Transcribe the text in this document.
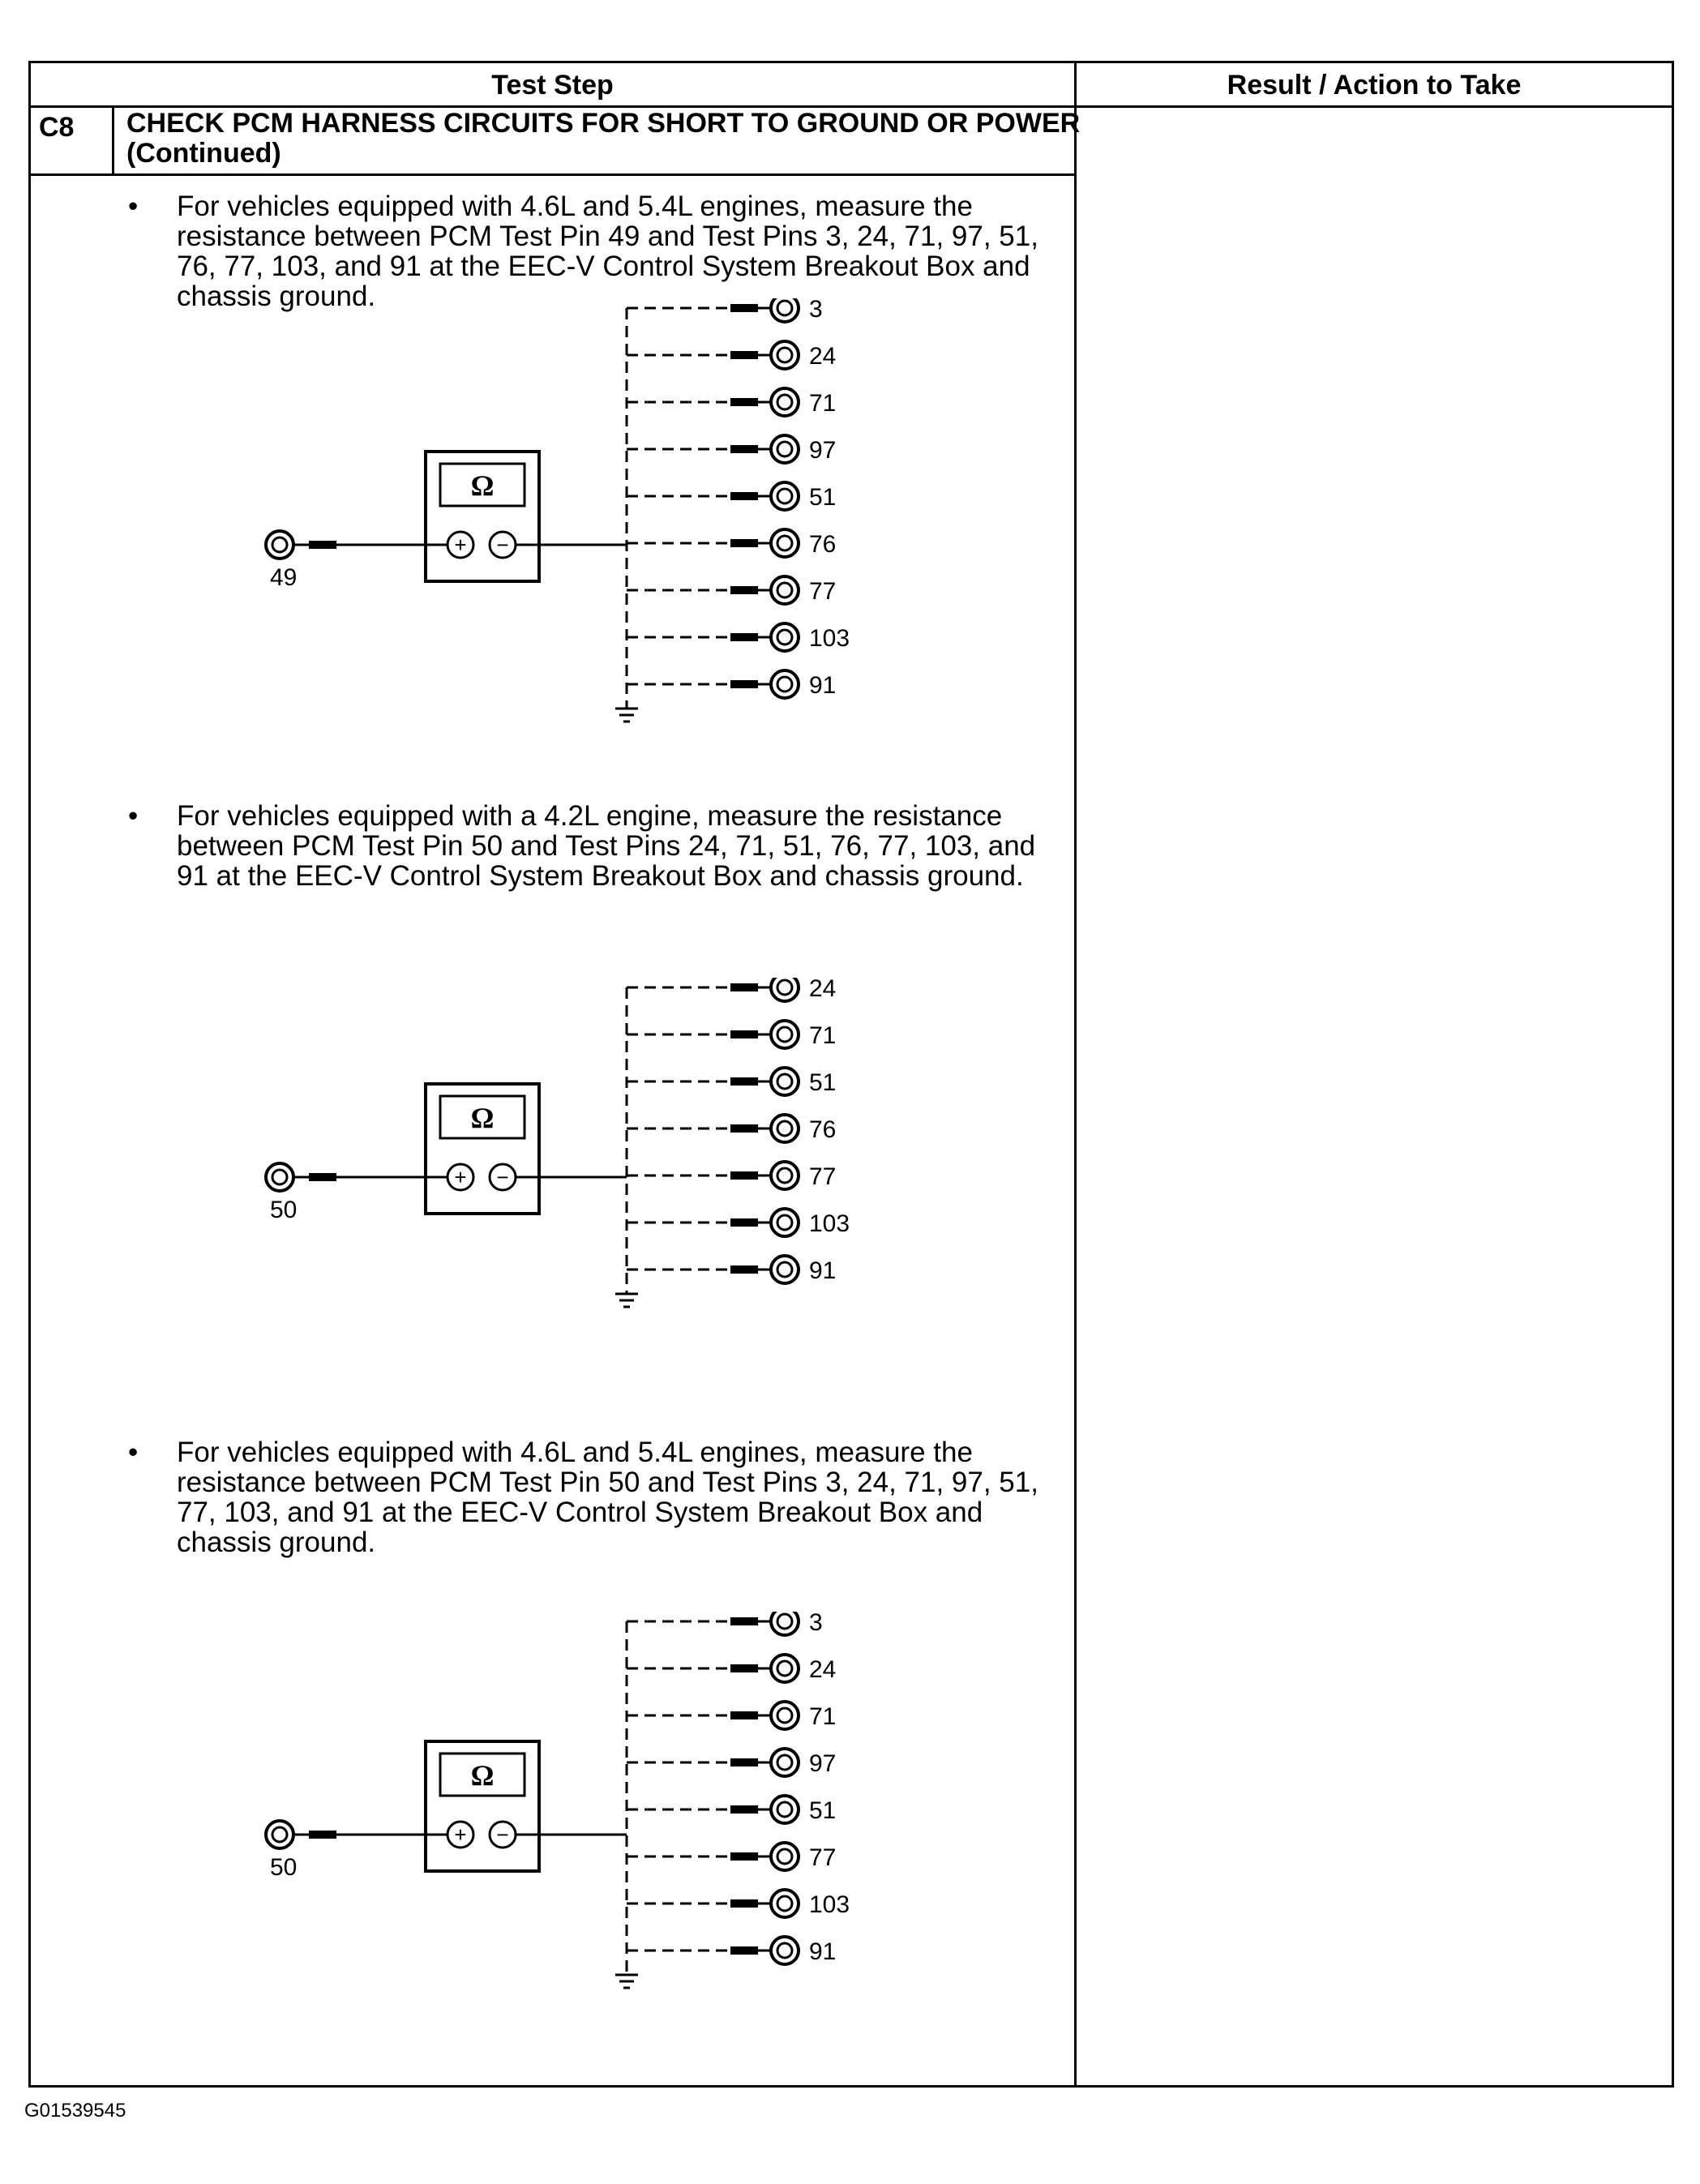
Test Step	Result / Action to Take
C8 CHECK PCM HARNESS CIRCUITS FOR SHORT TO GROUND OR POWER (Continued)
• For vehicles equipped with 4.6L and 5.4L engines, measure the resistance between PCM Test Pin 49 and Test Pins 3, 24, 71, 97, 51, 76, 77, 103, and 91 at the EEC-V Control System Breakout Box and chassis ground.	3
24
71
97
51
76
77
103
91
Ω
+ −
49
• For vehicles equipped with a 4.2L engine, measure the resistance between PCM Test Pin 50 and Test Pins 24, 71, 51, 76, 77, 103, and 91 at the EEC-V Control System Breakout Box and chassis ground.
24
71
51
76
77
103
91
Ω
+ −
50
• For vehicles equipped with 4.6L and 5.4L engines, measure the resistance between PCM Test Pin 50 and Test Pins 3, 24, 71, 97, 51, 77, 103, and 91 at the EEC-V Control System Breakout Box and chassis ground.
3
24
71
97
51
77
103
91
Ω
+ −
50
G01539545
